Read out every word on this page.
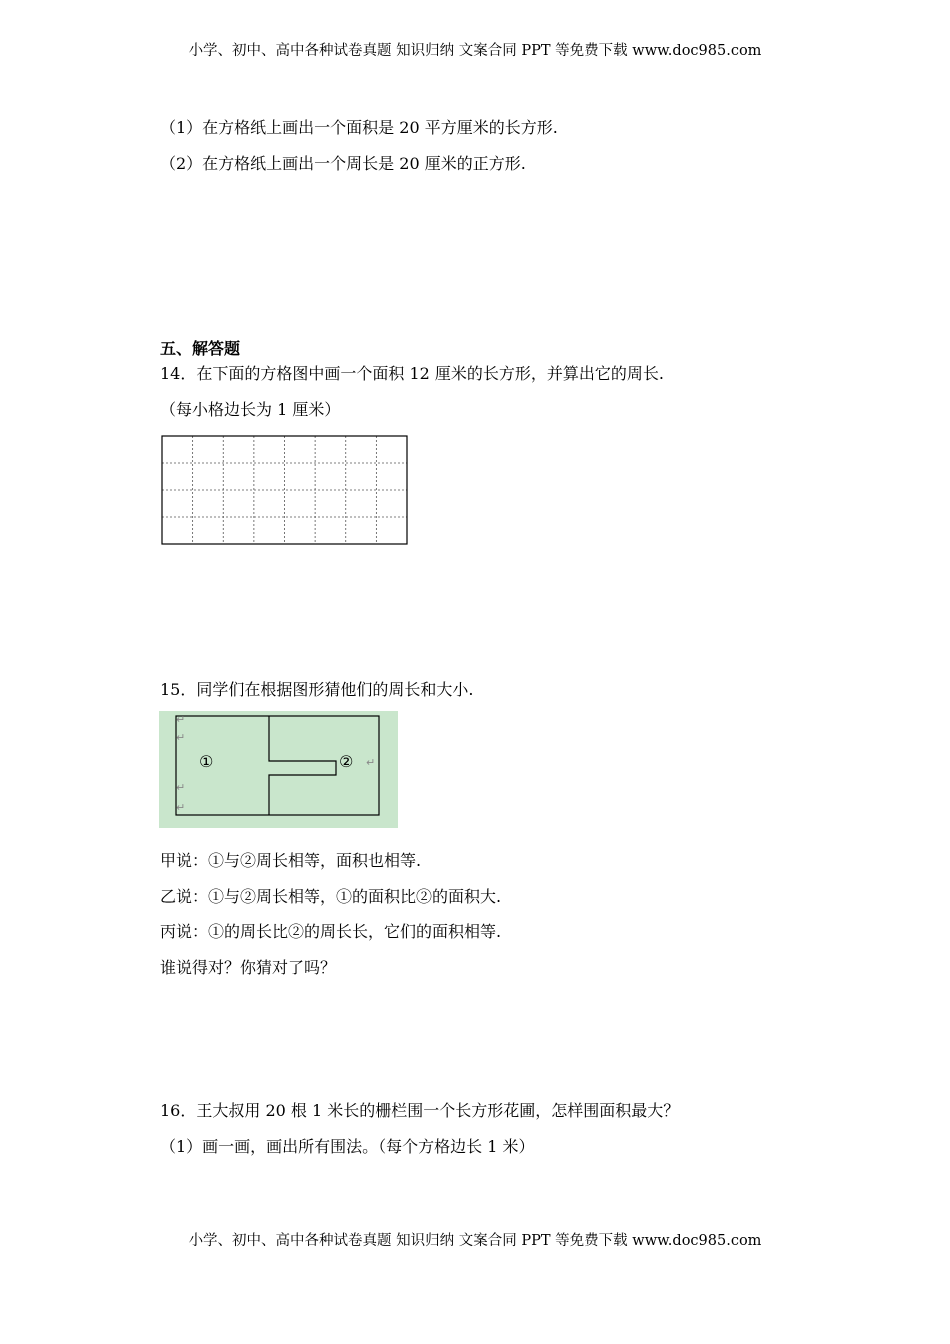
小学、初中、高中各种试卷真题 知识归纳 文案合同 PPT 等免费下载 www.doc985.com
（1）在方格纸上画出一个面积是 20 平方厘米的长方形.
（2）在方格纸上画出一个周长是 20 厘米的正方形.
五、解答题
14．在下面的方格图中画一个面积 12 厘米的长方形，并算出它的周长.
（每小格边长为 1 厘米）
15．同学们在根据图形猜他们的周长和大小.
↵
↵
↵
↵
↵
①	②
甲说：①与②周长相等，面积也相等.
乙说：①与②周长相等，①的面积比②的面积大.
丙说：①的周长比②的周长长，它们的面积相等.
谁说得对？你猜对了吗？
16．王大叔用 20 根 1 米长的栅栏围一个长方形花圃，怎样围面积最大？
（1）画一画，画出所有围法。（每个方格边长 1 米）
小学、初中、高中各种试卷真题 知识归纳 文案合同 PPT 等免费下载 www.doc985.com
